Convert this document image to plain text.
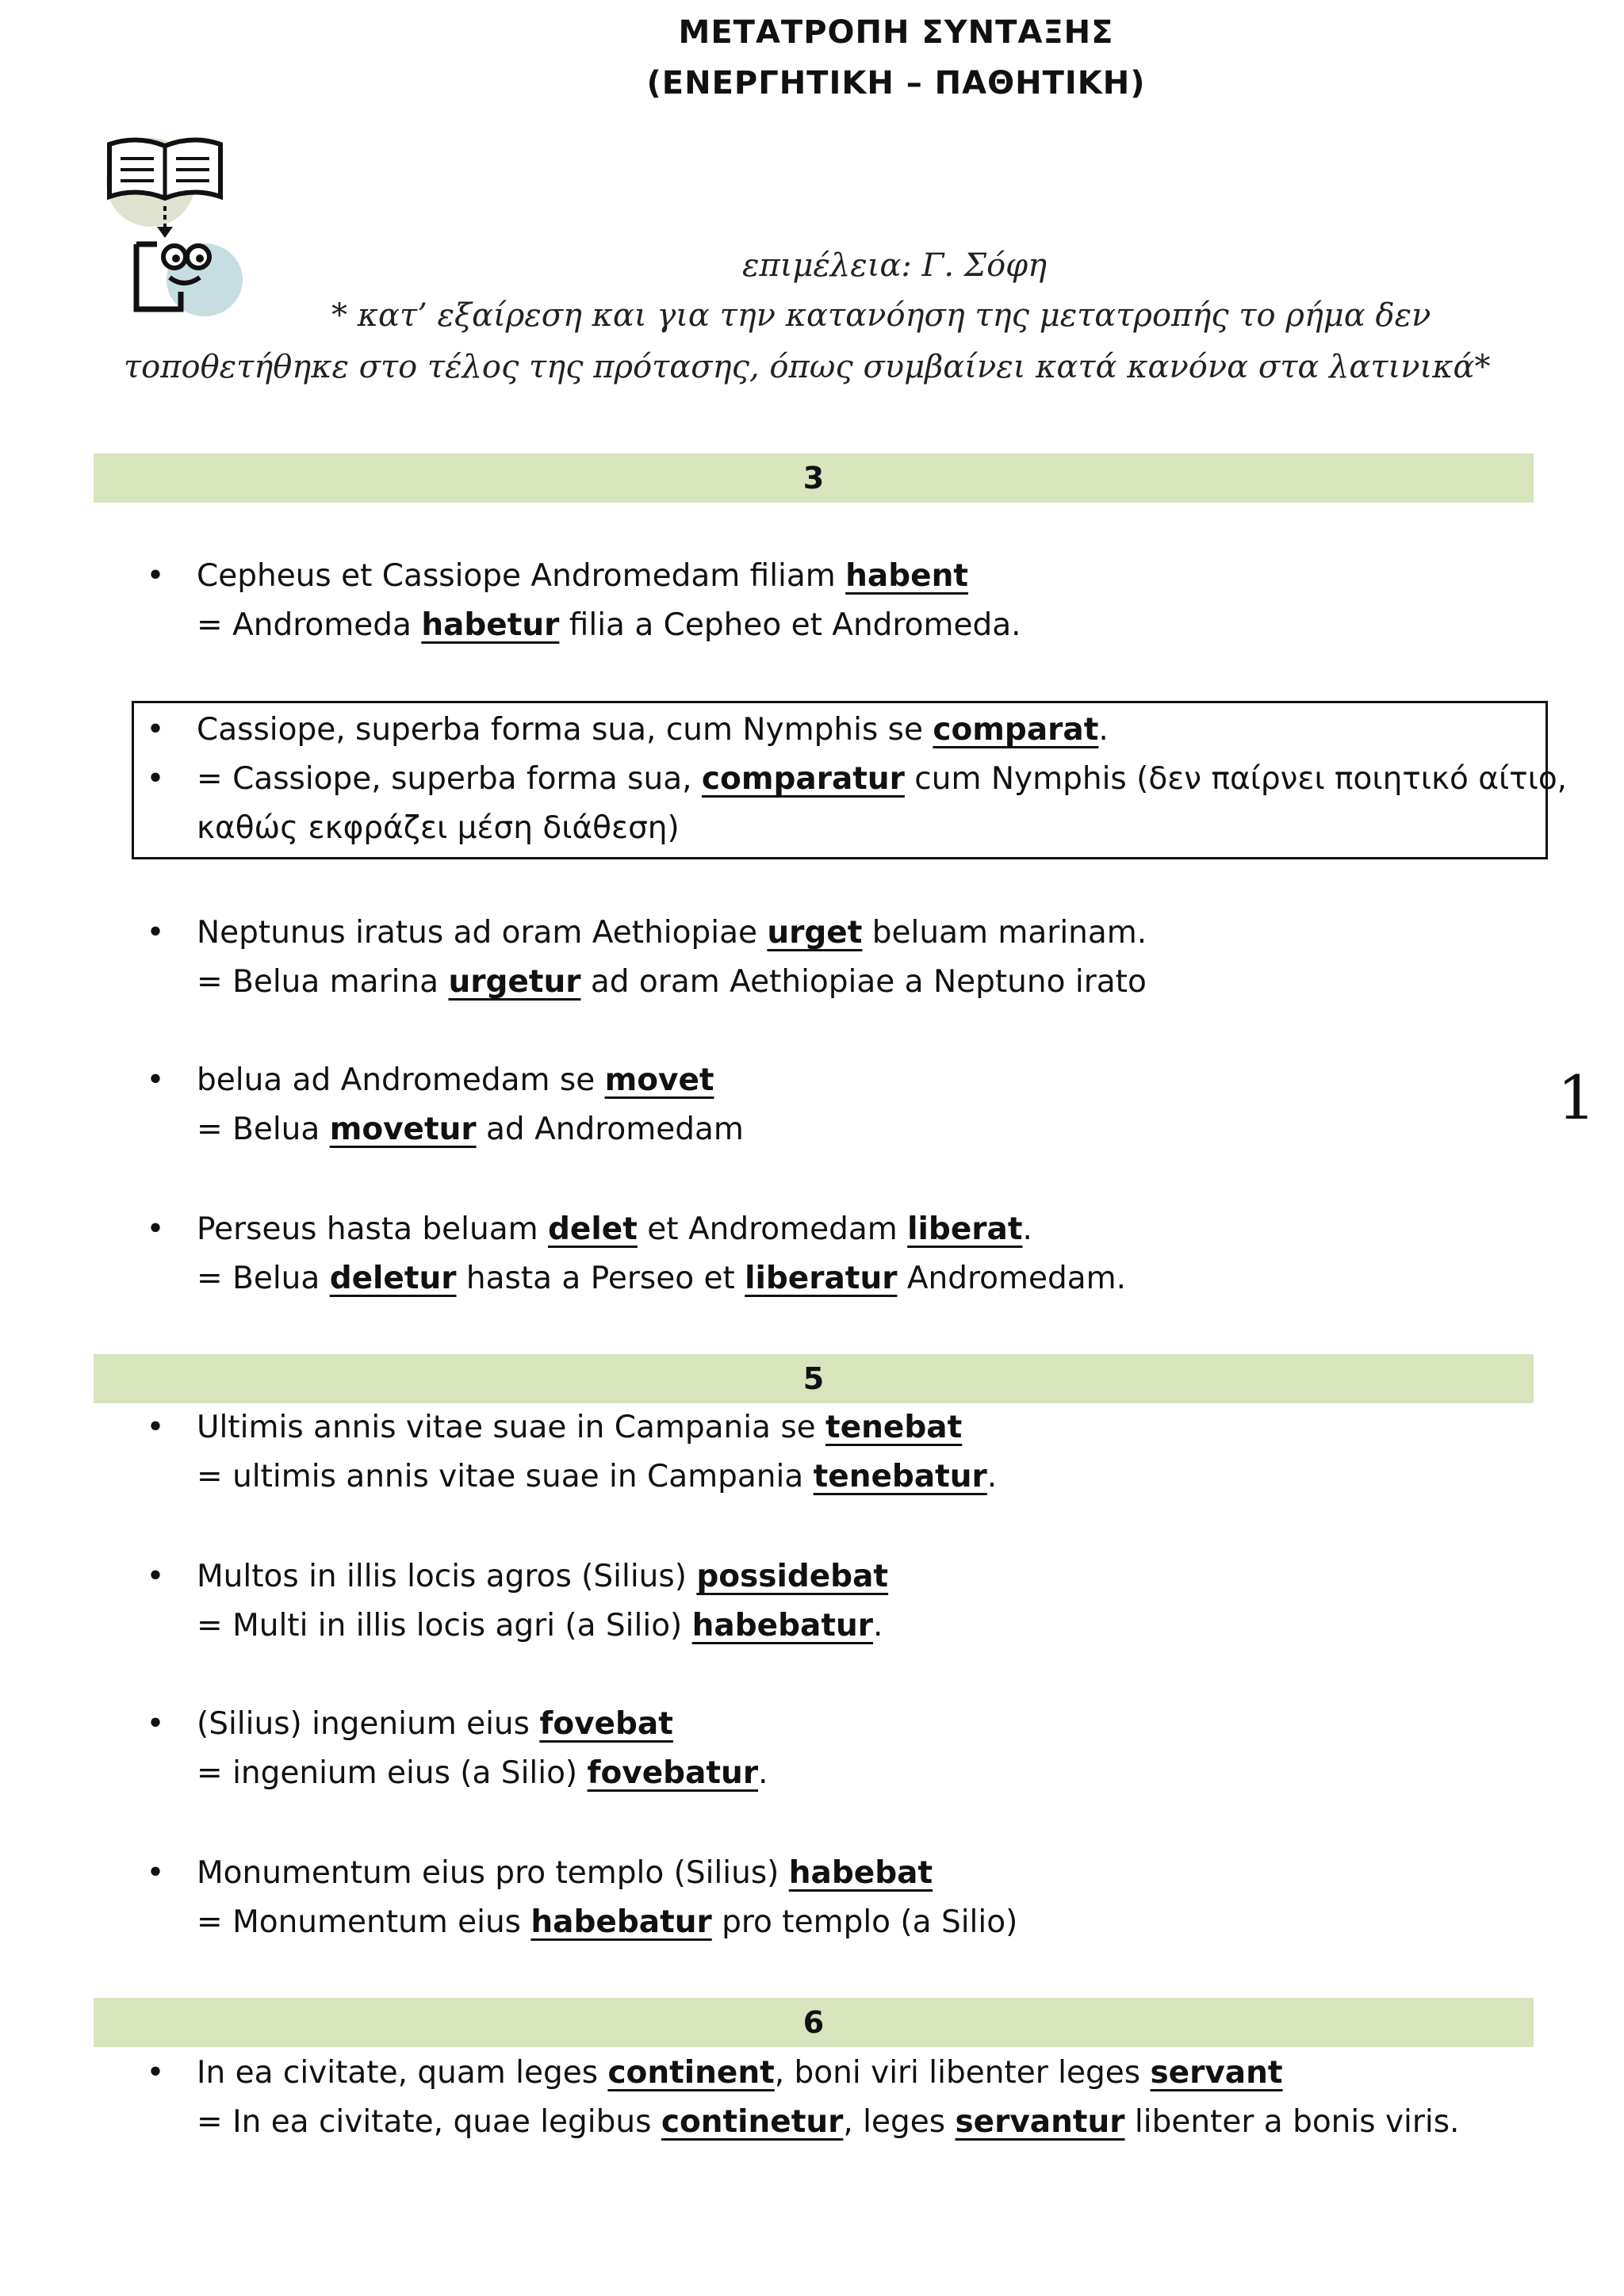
ΜΕΤΑΤΡΟΠΗ ΣΥΝΤΑΞΗΣ
(ΕΝΕΡΓΗΤΙΚΗ – ΠΑΘΗΤΙΚΗ)
επιμέλεια: Γ. Σόφη
* κατ’ εξαίρεση και για την κατανόηση της μετατροπής το ρήμα δεν
τοποθετήθηκε στο τέλος της πρότασης, όπως συμβαίνει κατά κανόνα στα λατινικά*
3
• Cepheus et Cassiope Andromedam filiam habent
= Andromeda habetur filia a Cepheo et Andromeda.
• Cassiope, superba forma sua, cum Nymphis se comparat.
• = Cassiope, superba forma sua, comparatur cum Nymphis (δεν παίρνει ποιητικό αίτιο,
καθώς εκφράζει μέση διάθεση)
• Neptunus iratus ad oram Aethiopiae urget beluam marinam.
= Belua marina urgetur ad oram Aethiopiae a Neptuno irato
• belua ad Andromedam se movet
= Belua movetur ad Andromedam
• Perseus hasta beluam delet et Andromedam liberat.
= Belua deletur hasta a Perseo et liberatur Andromedam.
1
5
• Ultimis annis vitae suae in Campania se tenebat
= ultimis annis vitae suae in Campania tenebatur.
• Multos in illis locis agros (Silius) possidebat
= Multi in illis locis agri (a Silio) habebatur.
• (Silius) ingenium eius fovebat
= ingenium eius (a Silio) fovebatur.
• Monumentum eius pro templo (Silius) habebat
= Monumentum eius habebatur pro templo (a Silio)
6
• In ea civitate, quam leges continent, boni viri libenter leges servant
= In ea civitate, quae legibus continetur, leges servantur libenter a bonis viris.
